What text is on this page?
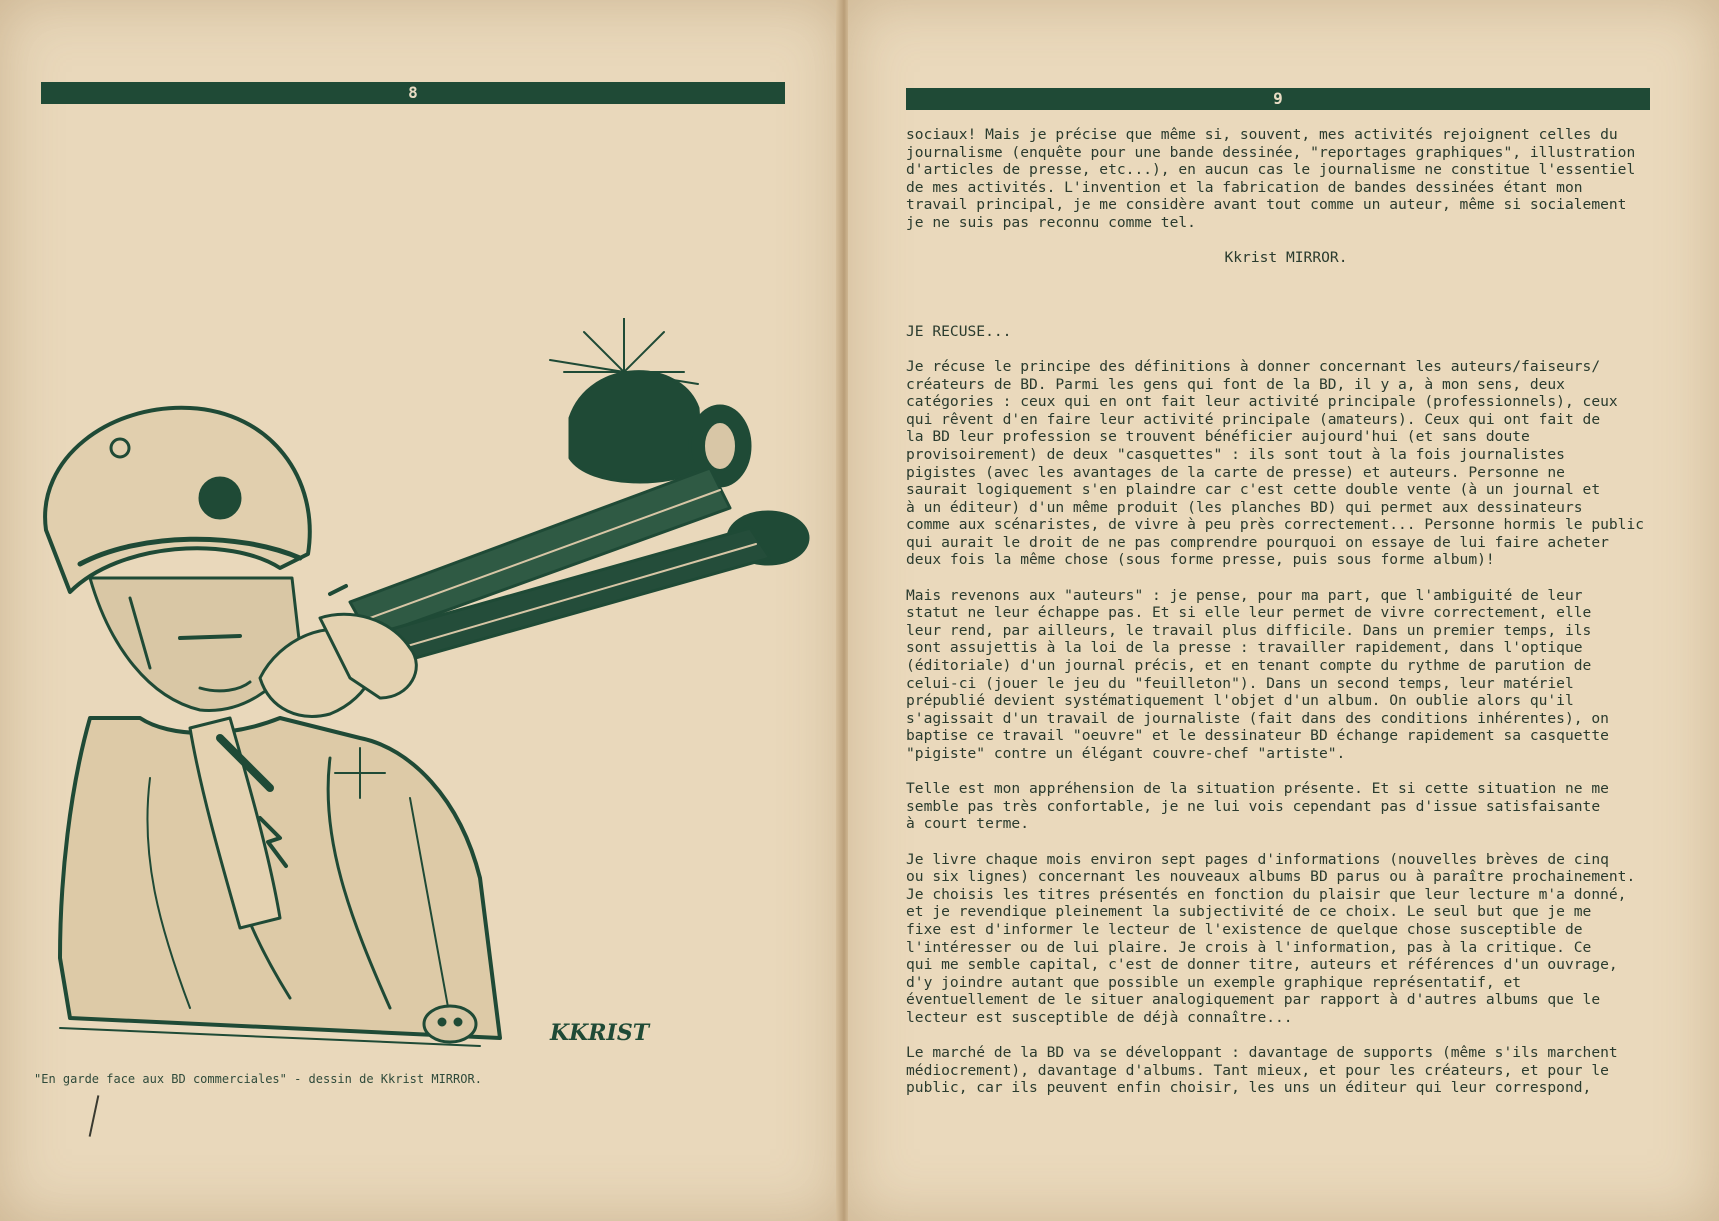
8
KKRIST
"En garde face aux BD commerciales" - dessin de Kkrist MIRROR.
9

sociaux! Mais je précise que même si, souvent, mes activités rejoignent celles du
journalisme (enquête pour une bande dessinée, "reportages graphiques", illustration
d'articles de presse, etc...), en aucun cas le journalisme ne constitue l'essentiel
de mes activités. L'invention et la fabrication de bandes dessinées étant mon
travail principal, je me considère avant tout comme un auteur, même si socialement
je ne suis pas reconnu comme tel.

Kkrist MIRROR.

JE RECUSE...

Je récuse le principe des définitions à donner concernant les auteurs/faiseurs/
créateurs de BD. Parmi les gens qui font de la BD, il y a, à mon sens, deux
catégories : ceux qui en ont fait leur activité principale (professionnels), ceux
qui rêvent d'en faire leur activité principale (amateurs). Ceux qui ont fait de
la BD leur profession se trouvent bénéficier aujourd'hui (et sans doute
provisoirement) de deux "casquettes" : ils sont tout à la fois journalistes
pigistes (avec les avantages de la carte de presse) et auteurs. Personne ne
saurait logiquement s'en plaindre car c'est cette double vente (à un journal et
à un éditeur) d'un même produit (les planches BD) qui permet aux dessinateurs
comme aux scénaristes, de vivre à peu près correctement... Personne hormis le public
qui aurait le droit de ne pas comprendre pourquoi on essaye de lui faire acheter
deux fois la même chose (sous forme presse, puis sous forme album)!

Mais revenons aux "auteurs" : je pense, pour ma part, que l'ambiguité de leur
statut ne leur échappe pas. Et si elle leur permet de vivre correctement, elle
leur rend, par ailleurs, le travail plus difficile. Dans un premier temps, ils
sont assujettis à la loi de la presse : travailler rapidement, dans l'optique
(éditoriale) d'un journal précis, et en tenant compte du rythme de parution de
celui-ci (jouer le jeu du "feuilleton"). Dans un second temps, leur matériel
prépublié devient systématiquement l'objet d'un album. On oublie alors qu'il
s'agissait d'un travail de journaliste (fait dans des conditions inhérentes), on
baptise ce travail "oeuvre" et le dessinateur BD échange rapidement sa casquette
"pigiste" contre un élégant couvre-chef "artiste".

Telle est mon appréhension de la situation présente. Et si cette situation ne me
semble pas très confortable, je ne lui vois cependant pas d'issue satisfaisante
à court terme.

Je livre chaque mois environ sept pages d'informations (nouvelles brèves de cinq
ou six lignes) concernant les nouveaux albums BD parus ou à paraître prochainement.
Je choisis les titres présentés en fonction du plaisir que leur lecture m'a donné,
et je revendique pleinement la subjectivité de ce choix. Le seul but que je me
fixe est d'informer le lecteur de l'existence de quelque chose susceptible de
l'intéresser ou de lui plaire. Je crois à l'information, pas à la critique. Ce
qui me semble capital, c'est de donner titre, auteurs et références d'un ouvrage,
d'y joindre autant que possible un exemple graphique représentatif, et
éventuellement de le situer analogiquement par rapport à d'autres albums que le
lecteur est susceptible de déjà connaître...

Le marché de la BD va se développant : davantage de supports (même s'ils marchent
médiocrement), davantage d'albums. Tant mieux, et pour les créateurs, et pour le
public, car ils peuvent enfin choisir, les uns un éditeur qui leur correspond,
